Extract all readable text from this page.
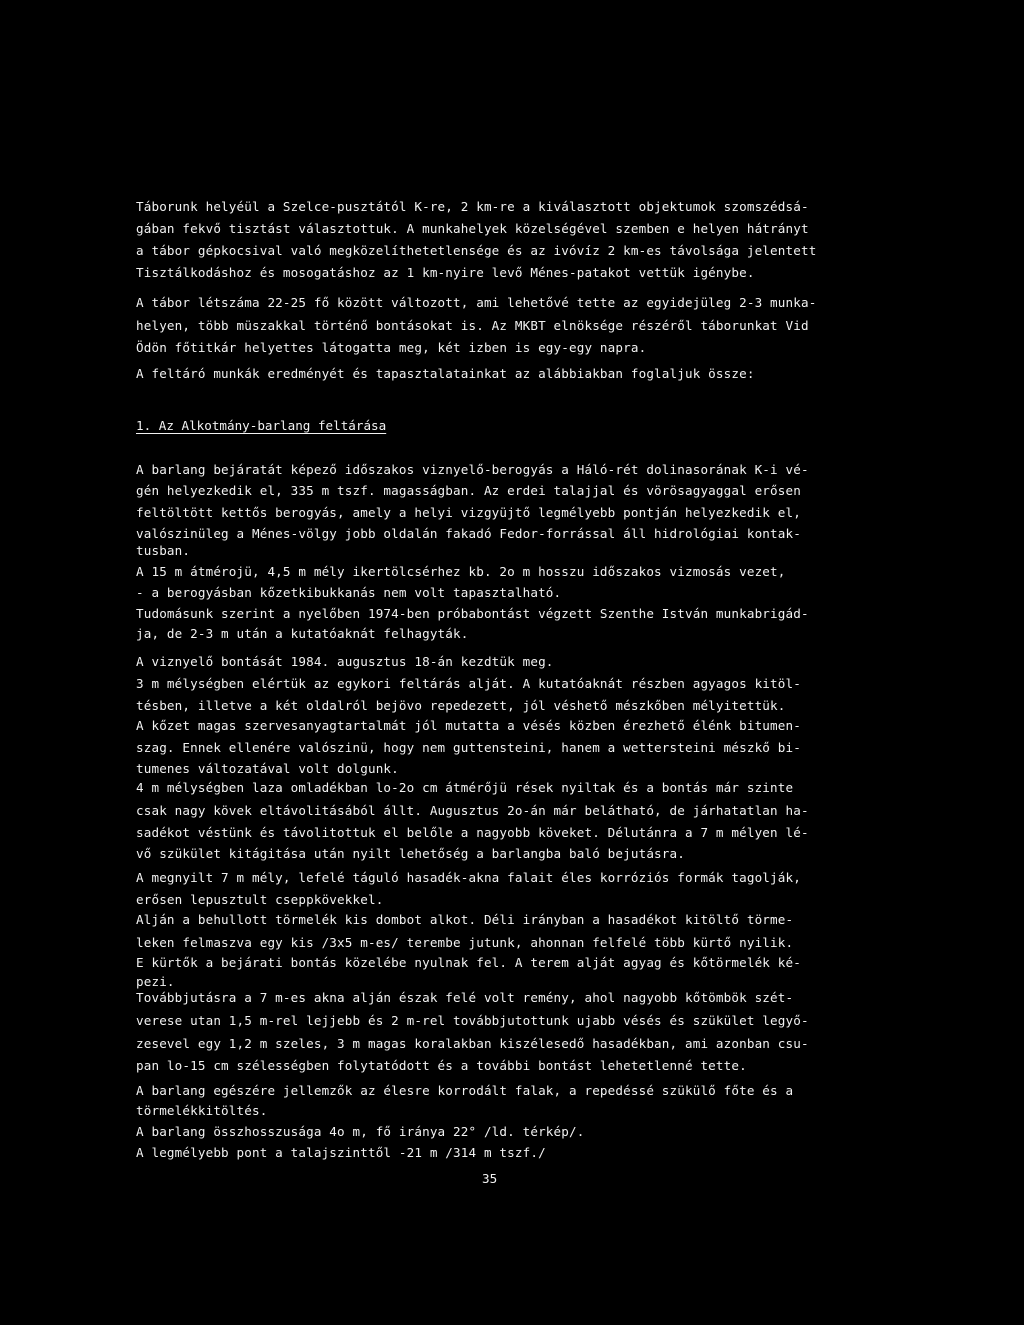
Táborunk helyéül a Szelce-pusztától K-re, 2 km-re a kiválasztott objektumok szomszédsá-

gában fekvő tisztást választottuk. A munkahelyek közelségével szemben e helyen hátrányt

a tábor gépkocsival való megközelíthetetlensége és az ivóvíz 2 km-es távolsága jelentett

Tisztálkodáshoz és mosogatáshoz az 1 km-nyire levő Ménes-patakot vettük igénybe.

A tábor létszáma 22-25 fő között változott, ami lehetővé tette az egyidejüleg 2-3 munka-

helyen, több müszakkal történő bontásokat is. Az MKBT elnöksége részéről táborunkat Vid

Ödön főtitkár helyettes látogatta meg, két izben is egy-egy napra.

A feltáró munkák eredményét és tapasztalatainkat az alábbiakban foglaljuk össze:

1. Az Alkotmány-barlang feltárása

A barlang bejáratát képező időszakos viznyelő-berogyás a Háló-rét dolinasorának K-i vé-

gén helyezkedik el, 335 m tszf. magasságban. Az erdei talajjal és vörösagyaggal erősen

feltöltött kettős berogyás, amely a helyi vizgyüjtő legmélyebb pontján helyezkedik el,

valószinüleg a Ménes-völgy jobb oldalán fakadó Fedor-forrással áll hidrológiai kontak-

tusban.

A 15 m átmérojü, 4,5 m mély ikertölcsérhez kb. 2o m hosszu időszakos vizmosás vezet,

- a berogyásban kőzetkibukkanás nem volt tapasztalható.

Tudomásunk szerint a nyelőben 1974-ben próbabontást végzett Szenthe István munkabrigád-

ja, de 2-3 m után a kutatóaknát felhagyták.

A viznyelő bontását 1984. augusztus 18-án kezdtük meg.

3 m mélységben elértük az egykori feltárás alját. A kutatóaknát részben agyagos kitöl-

tésben, illetve a két oldalról bejövo repedezett, jól véshető mészkőben mélyitettük.

A kőzet magas szervesanyagtartalmát jól mutatta a vésés közben érezhető élénk bitumen-

szag. Ennek ellenére valószinü, hogy nem guttensteini, hanem a wettersteini mészkő bi-

tumenes változatával volt dolgunk.

4 m mélységben laza omladékban lo-2o cm átmérőjü rések nyiltak és a bontás már szinte

csak nagy kövek eltávolitásából állt. Augusztus 2o-án már belátható, de járhatatlan ha-

sadékot véstünk és távolitottuk el belőle a nagyobb köveket. Délutánra a 7 m mélyen lé-

vő szükület kitágitása után nyilt lehetőség a barlangba baló bejutásra.

A megnyilt 7 m mély, lefelé táguló hasadék-akna falait éles korróziós formák tagolják,

erősen lepusztult cseppkövekkel.

Alján a behullott törmelék kis dombot alkot. Déli irányban a hasadékot kitöltő törme-

leken felmaszva egy kis /3x5 m-es/ terembe jutunk, ahonnan felfelé több kürtő nyilik.

E kürtők a bejárati bontás közelébe nyulnak fel. A terem alját agyag és kőtörmelék ké-

pezi.

Továbbjutásra a 7 m-es akna alján észak felé volt remény, ahol nagyobb kőtömbök szét-

verese utan 1,5 m-rel lejjebb és 2 m-rel továbbjutottunk ujabb vésés és szükület legyő-

zesevel egy 1,2 m szeles, 3 m magas koralakban kiszélesedő hasadékban, ami azonban csu-

pan lo-15 cm szélességben folytatódott és a további bontást lehetetlenné tette.

A barlang egészére jellemzők az élesre korrodált falak, a repedéssé szükülő főte és a

törmelékkitöltés.

A barlang összhosszusága 4o m, fő iránya 22° /ld. térkép/.

A legmélyebb pont a talajszinttől -21 m /314 m tszf./

35
